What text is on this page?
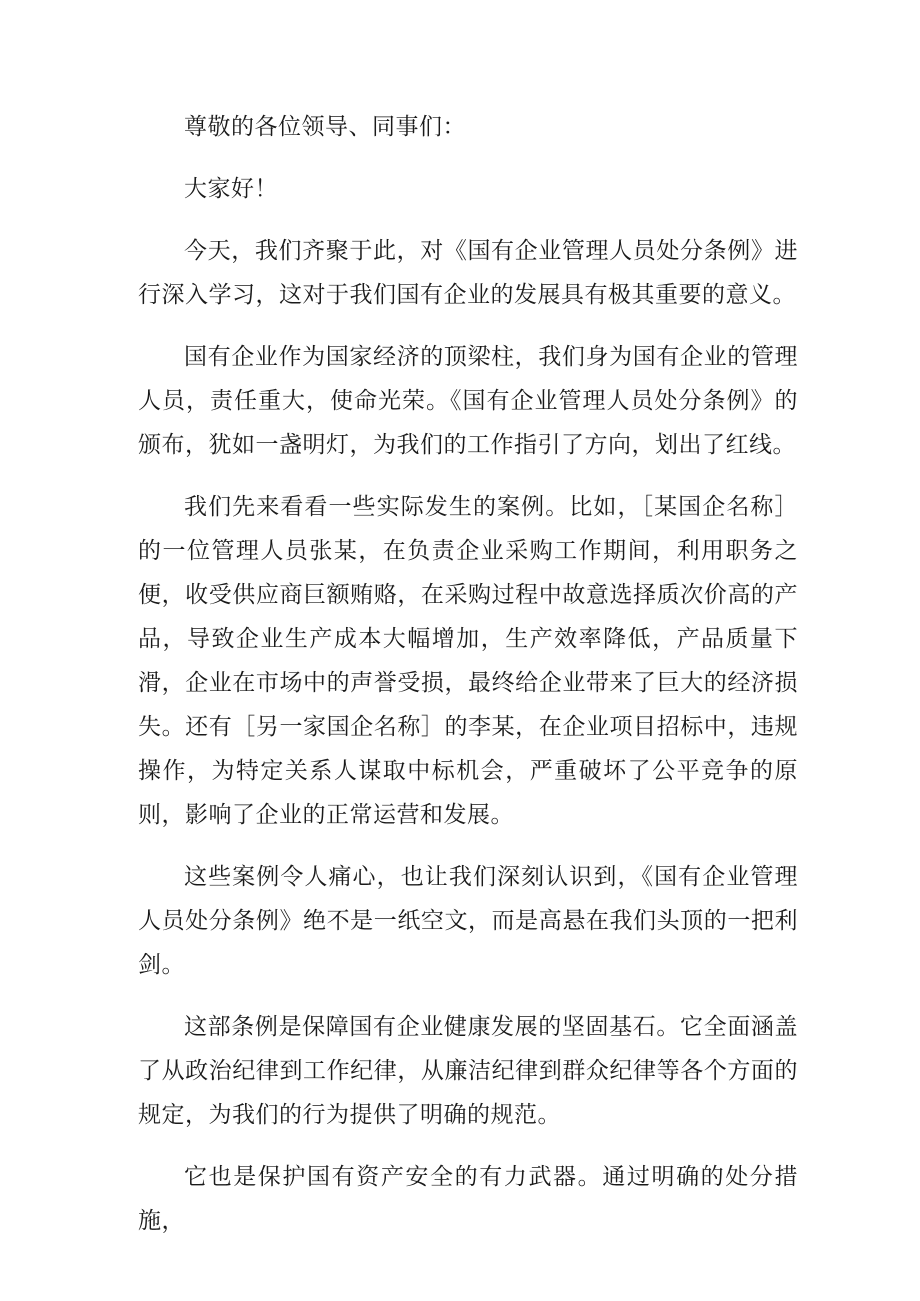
尊敬的各位领导、同事们：

大家好！

今天，我们齐聚于此，对《国有企业管理人员处分条例》进行深入学习，这对于我们国有企业的发展具有极其重要的意义。

国有企业作为国家经济的顶梁柱，我们身为国有企业的管理人员，责任重大，使命光荣。《国有企业管理人员处分条例》的颁布，犹如一盏明灯，为我们的工作指引了方向，划出了红线。

我们先来看看一些实际发生的案例。比如，［某国企名称］的一位管理人员张某，在负责企业采购工作期间，利用职务之便，收受供应商巨额贿赂，在采购过程中故意选择质次价高的产品，导致企业生产成本大幅增加，生产效率降低，产品质量下滑，企业在市场中的声誉受损，最终给企业带来了巨大的经济损失。还有［另一家国企名称］的李某，在企业项目招标中，违规操作，为特定关系人谋取中标机会，严重破坏了公平竞争的原则，影响了企业的正常运营和发展。

这些案例令人痛心，也让我们深刻认识到，《国有企业管理人员处分条例》绝不是一纸空文，而是高悬在我们头顶的一把利剑。

这部条例是保障国有企业健康发展的坚固基石。它全面涵盖了从政治纪律到工作纪律，从廉洁纪律到群众纪律等各个方面的规定，为我们的行为提供了明确的规范。

它也是保护国有资产安全的有力武器。通过明确的处分措施，
